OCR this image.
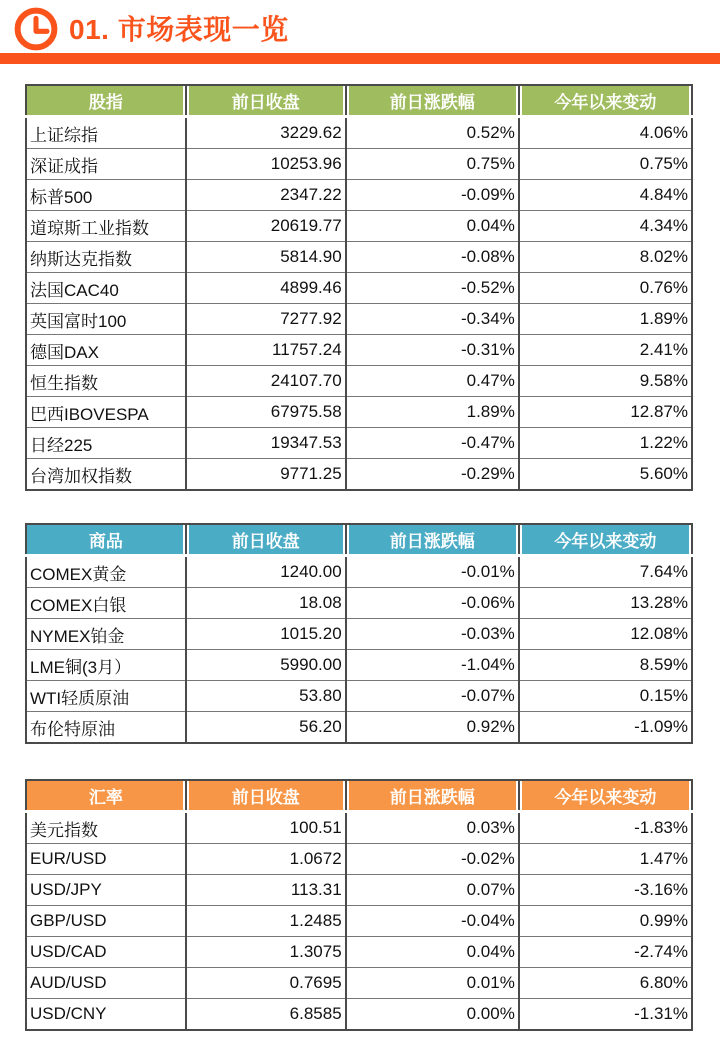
01. 市场表现一览
股指	前日收盘	前日涨跌幅	今年以来变动
上证综指	3229.62	0.52%	4.06%
深证成指	10253.96	0.75%	0.75%
标普500	2347.22	-0.09%	4.84%
道琼斯工业指数	20619.77	0.04%	4.34%
纳斯达克指数	5814.90	-0.08%	8.02%
法国CAC40	4899.46	-0.52%	0.76%
英国富时100	7277.92	-0.34%	1.89%
德国DAX	11757.24	-0.31%	2.41%
恒生指数	24107.70	0.47%	9.58%
巴西IBOVESPA	67975.58	1.89%	12.87%
日经225	19347.53	-0.47%	1.22%
台湾加权指数	9771.25	-0.29%	5.60%
商品	前日收盘	前日涨跌幅	今年以来变动
COMEX黄金	1240.00	-0.01%	7.64%
COMEX白银	18.08	-0.06%	13.28%
NYMEX铂金	1015.20	-0.03%	12.08%
LME铜(3月）	5990.00	-1.04%	8.59%
WTI轻质原油	53.80	-0.07%	0.15%
布伦特原油	56.20	0.92%	-1.09%
汇率	前日收盘	前日涨跌幅	今年以来变动
美元指数	100.51	0.03%	-1.83%
EUR/USD	1.0672	-0.02%	1.47%
USD/JPY	113.31	0.07%	-3.16%
GBP/USD	1.2485	-0.04%	0.99%
USD/CAD	1.3075	0.04%	-2.74%
AUD/USD	0.7695	0.01%	6.80%
USD/CNY	6.8585	0.00%	-1.31%
